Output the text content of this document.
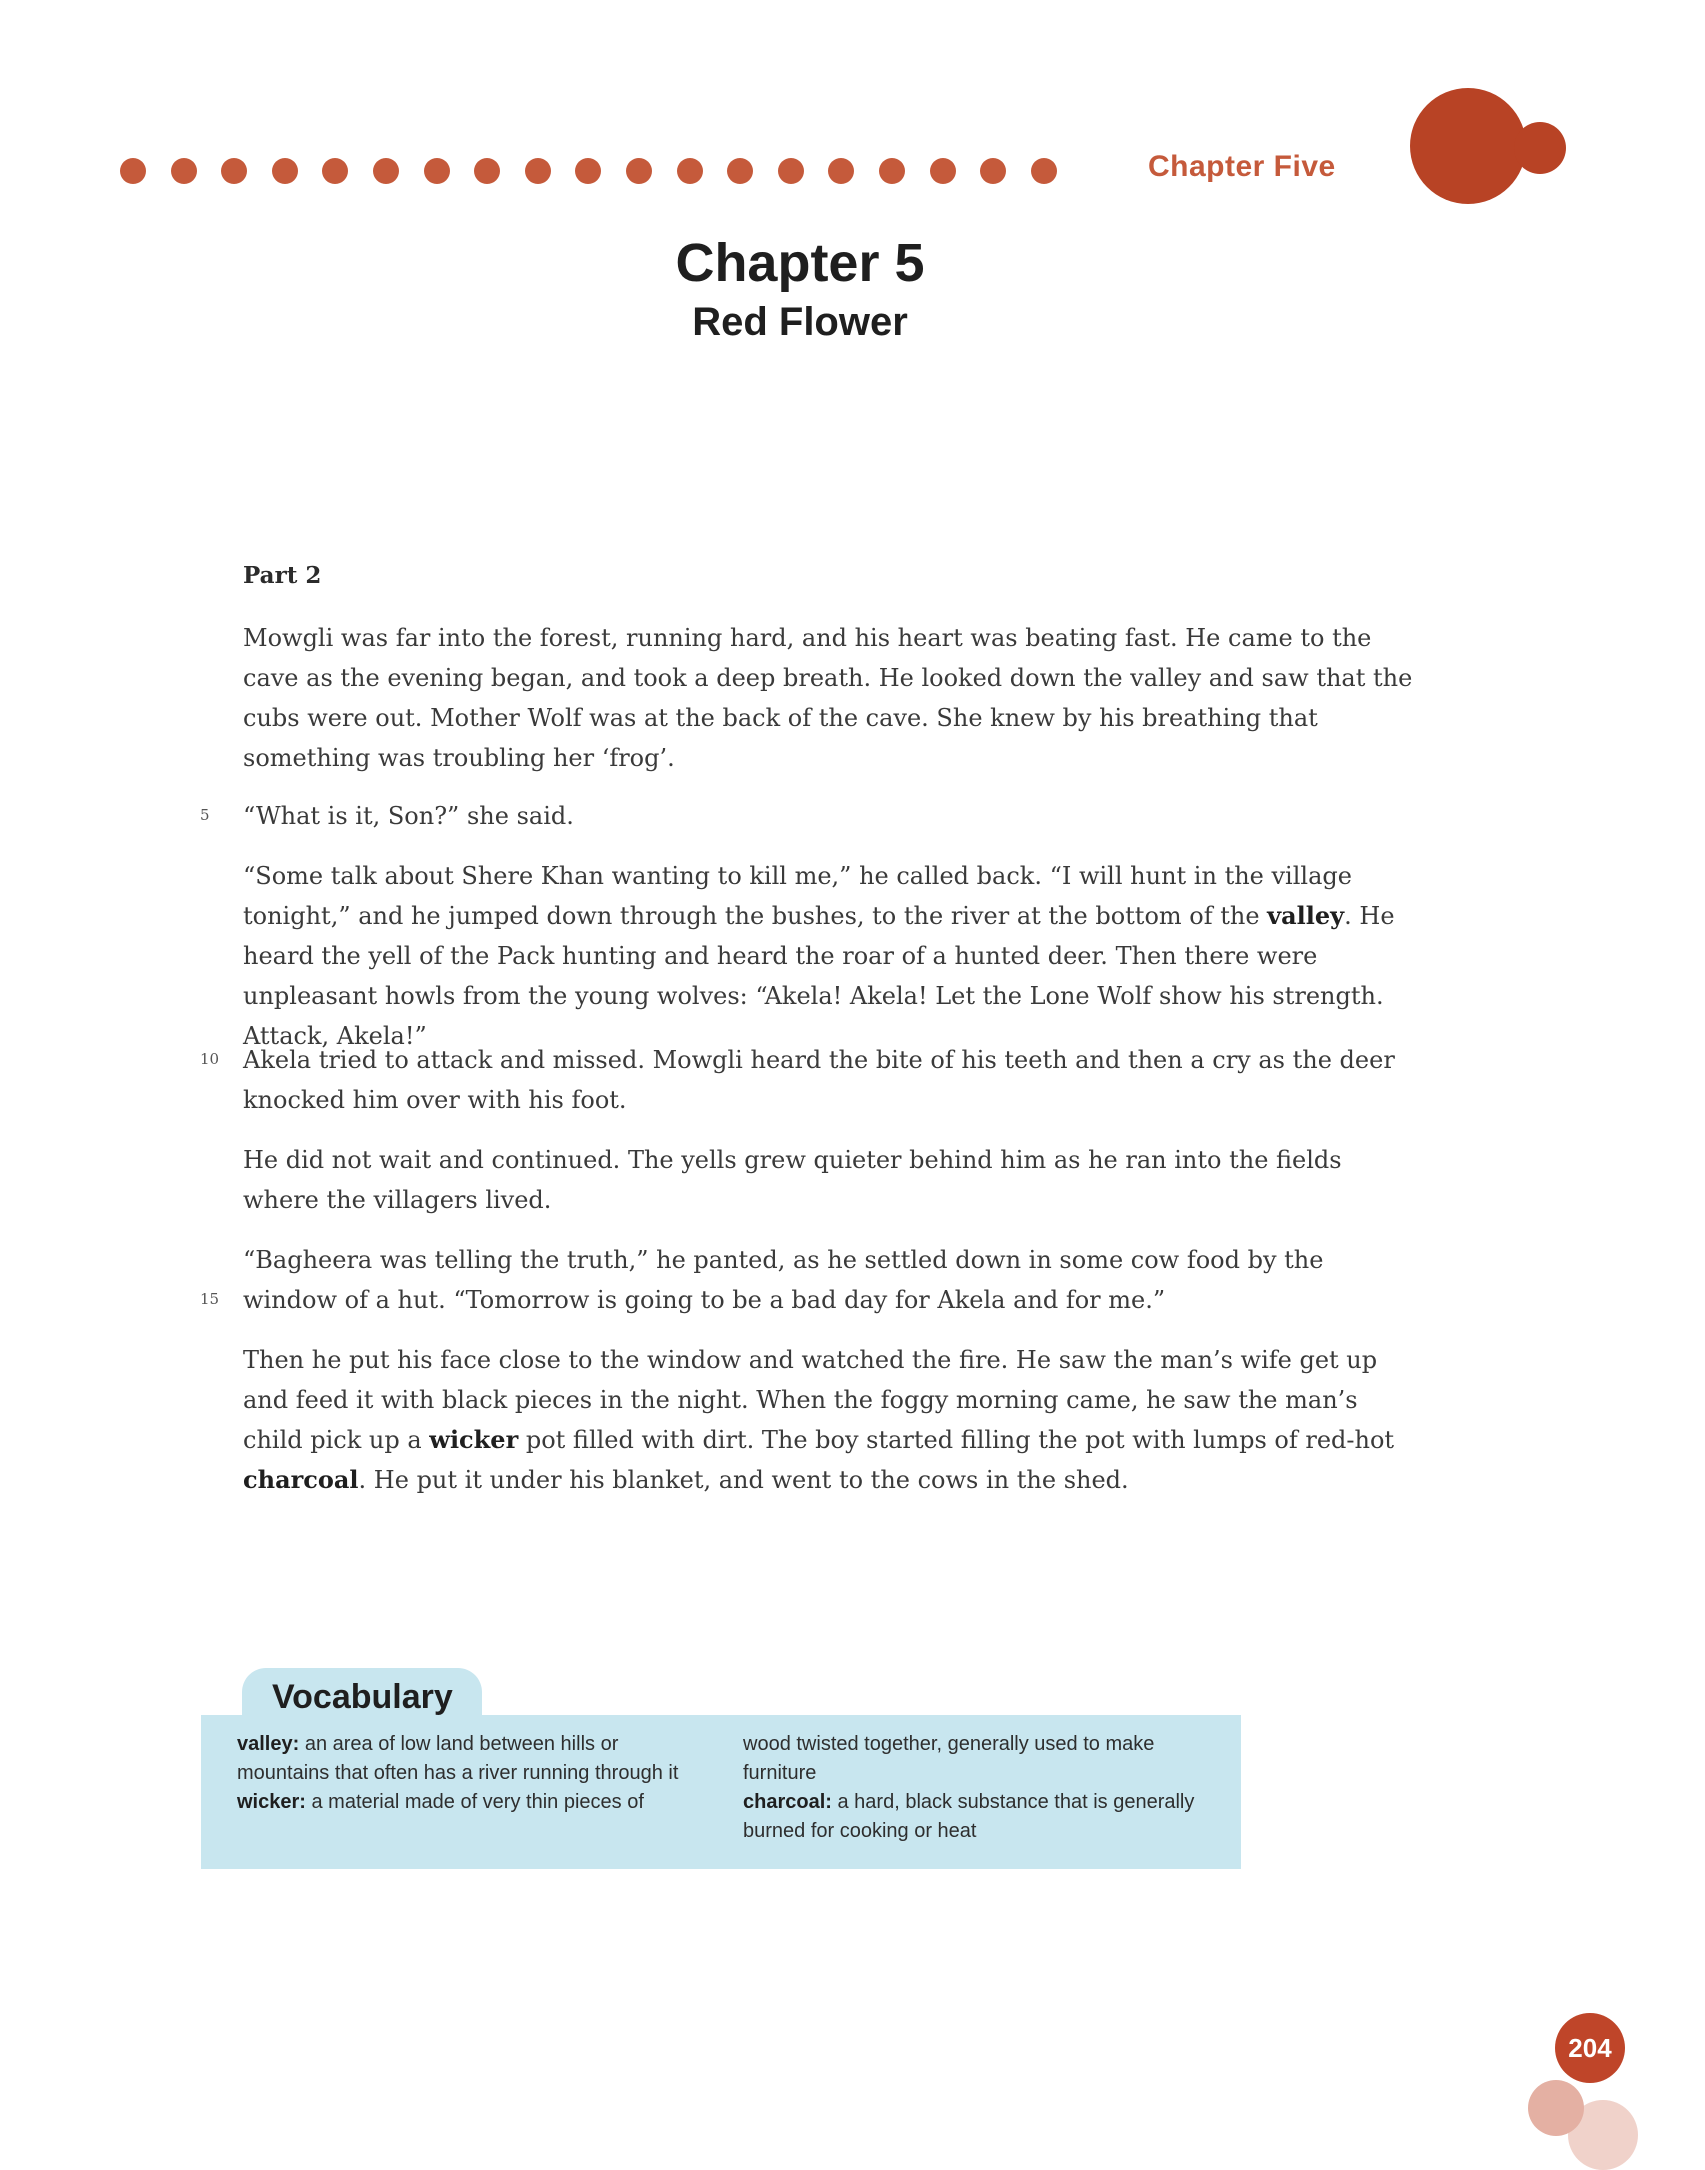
Chapter Five
Chapter 5
Red Flower
Part 2

Mowgli was far into the forest, running hard, and his heart was beating fast. He came to the cave as the evening began, and took a deep breath. He looked down the valley and saw that the cubs were out. Mother Wolf was at the back of the cave. She knew by his breathing that something was troubling her ‘frog’.

5 “What is it, Son?” she said.

“Some talk about Shere Khan wanting to kill me,” he called back. “I will hunt in the village tonight,” and he jumped down through the bushes, to the river at the bottom of the valley. He heard the yell of the Pack hunting and heard the roar of a hunted deer. Then there were unpleasant howls from the young wolves: “Akela! Akela! Let the Lone Wolf show his strength. Attack, Akela!”

10 Akela tried to attack and missed. Mowgli heard the bite of his teeth and then a cry as the deer knocked him over with his foot.

He did not wait and continued. The yells grew quieter behind him as he ran into the fields where the villagers lived.

15

“Bagheera was telling the truth,” he panted, as he settled down in some cow food by the window of a hut. “Tomorrow is going to be a bad day for Akela and for me.”

Then he put his face close to the window and watched the fire. He saw the man’s wife get up and feed it with black pieces in the night. When the foggy morning came, he saw the man’s child pick up a wicker pot filled with dirt. The boy started filling the pot with lumps of red-hot charcoal. He put it under his blanket, and went to the cows in the shed.

Vocabulary
valley: an area of low land between hills or mountains that often has a river running through it
wicker: a material made of very thin pieces of
wood twisted together, generally used to make furniture
charcoal: a hard, black substance that is generally burned for cooking or heat
204
